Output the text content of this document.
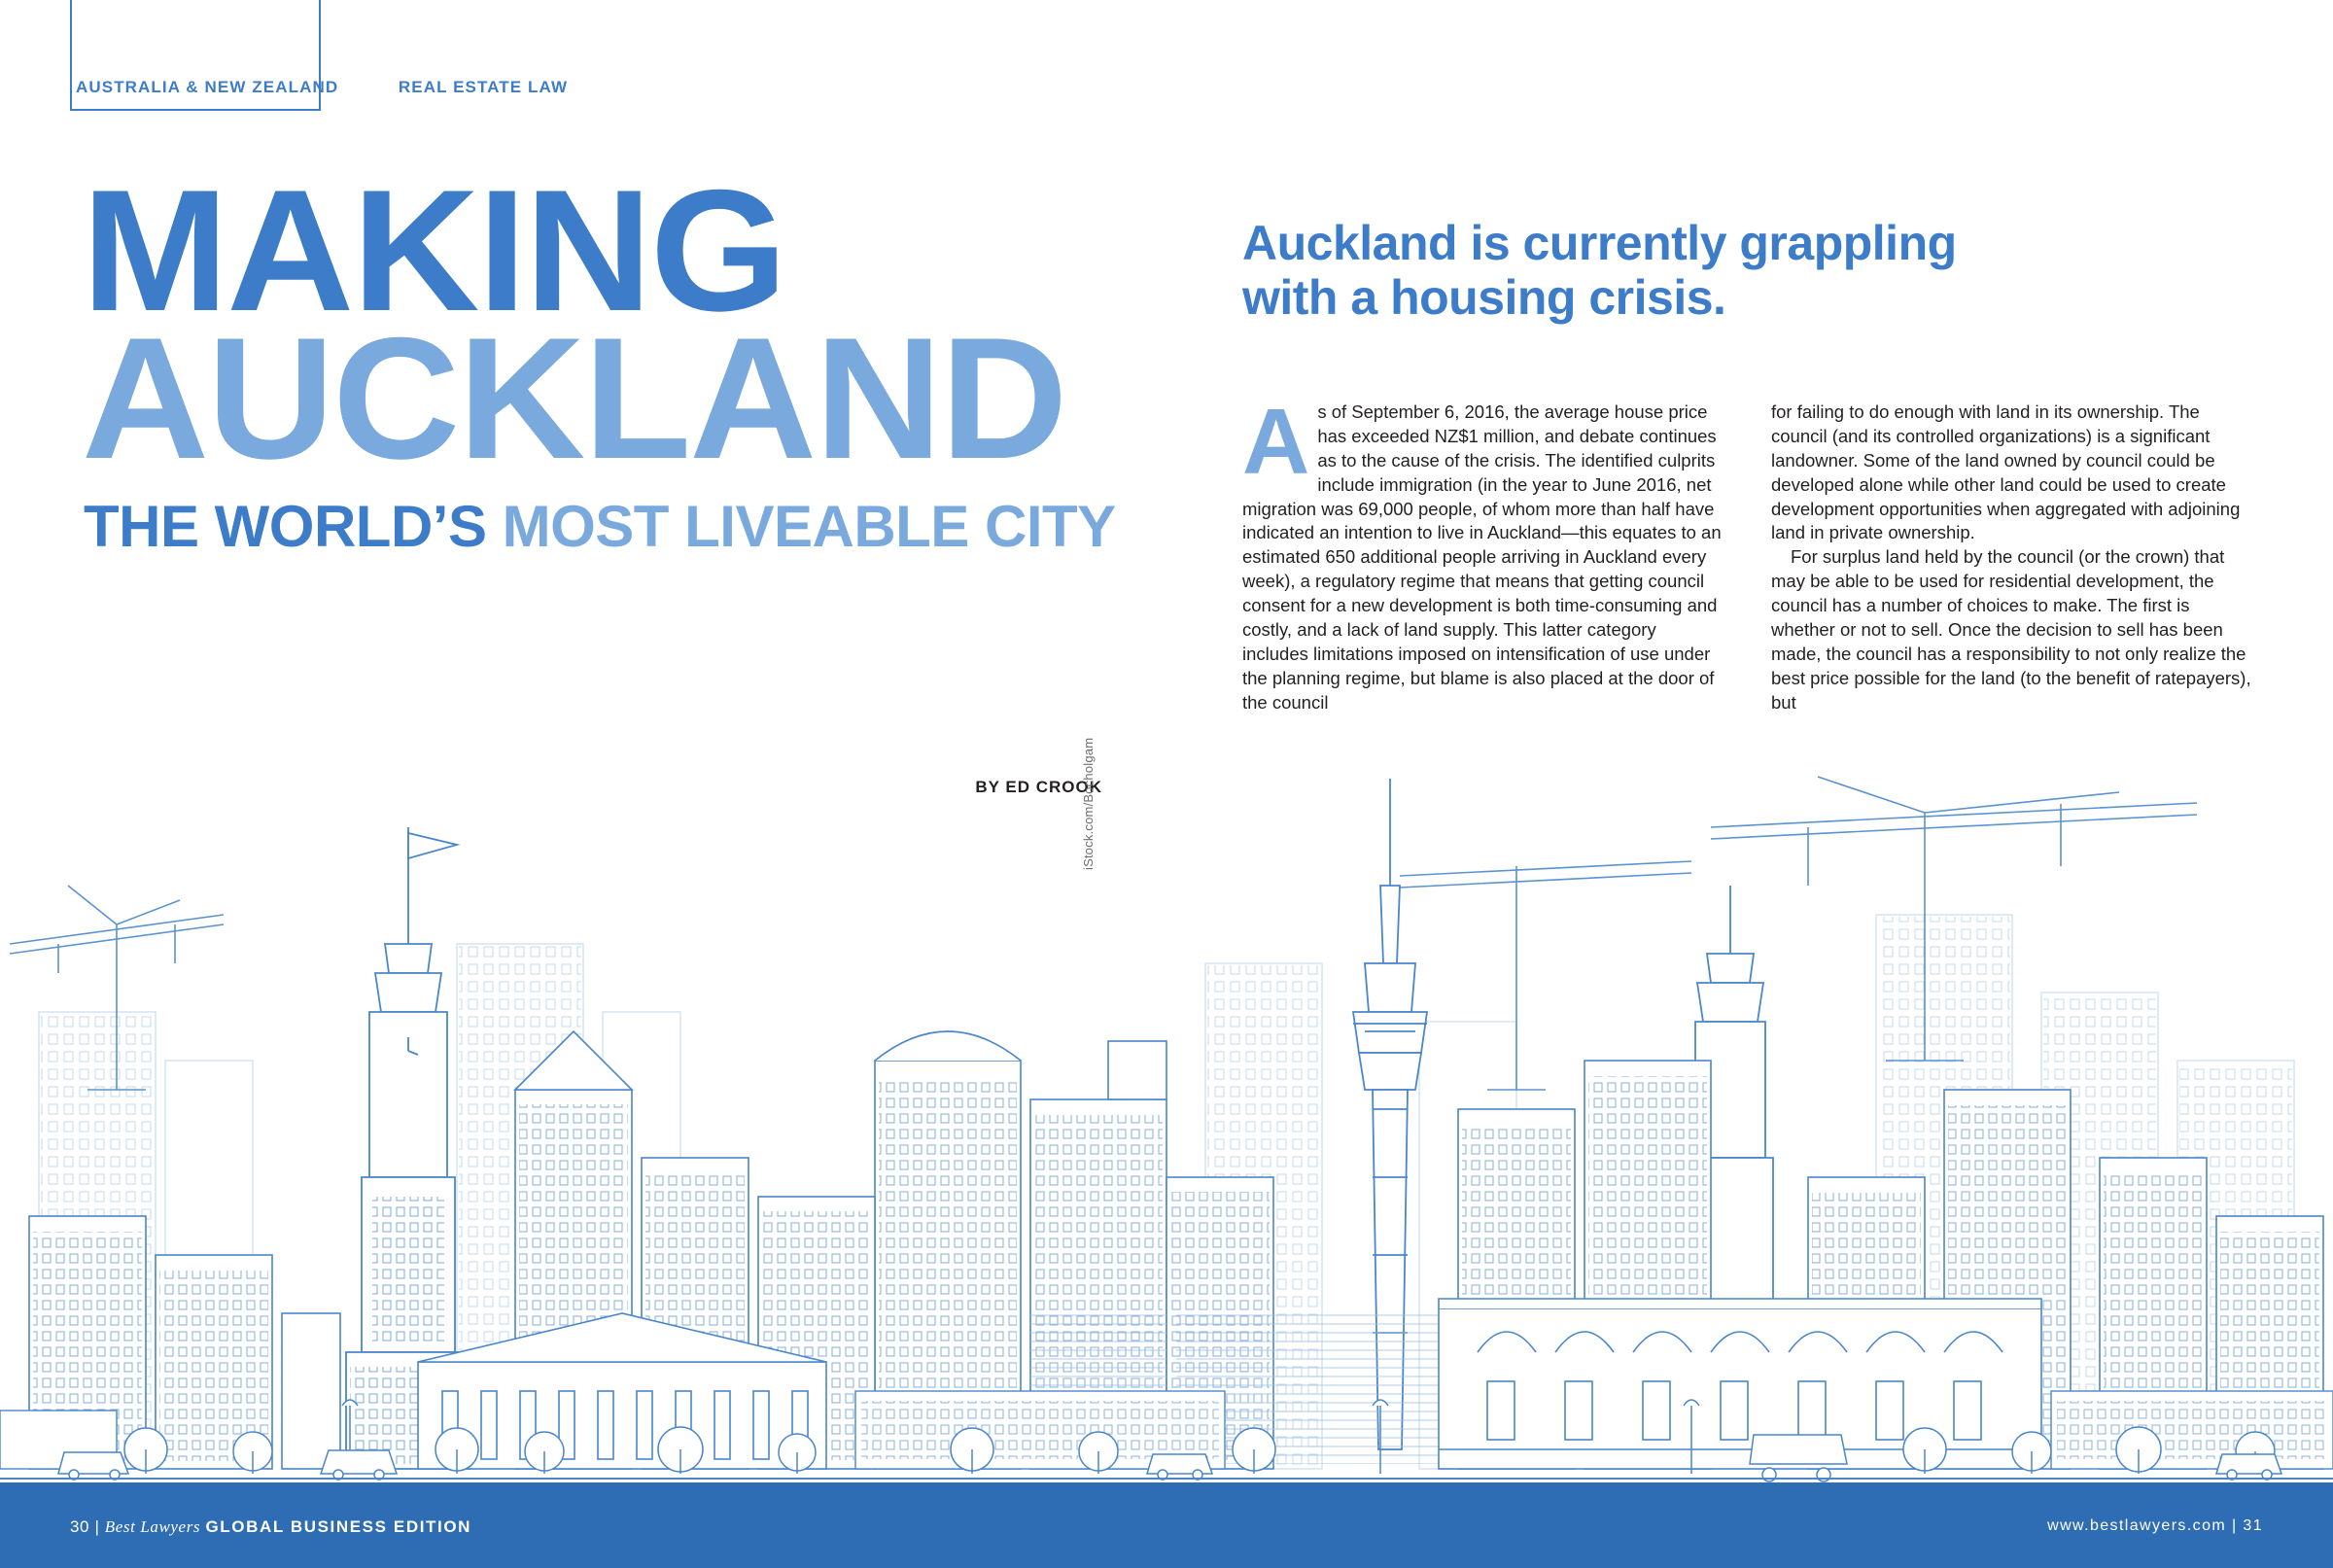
AUSTRALIA & NEW ZEALAND	REAL ESTATE LAW
MAKING
AUCKLAND
THE WORLD’S MOST LIVEABLE CITY
BY ED CROOK
Auckland is currently grappling with a housing crisis.

As of September 6, 2016, the average house price has exceeded NZ$1 million, and debate continues as to the cause of the crisis. The identified culprits include immigration (in the year to June 2016, net migration was 69,000 people, of whom more than half have indicated an intention to live in Auckland—this equates to an estimated 650 additional people arriving in Auckland every week), a regulatory regime that means that getting council consent for a new development is both time-consuming and costly, and a lack of land supply. This latter category includes limitations imposed on intensification of use under the planning regime, but blame is also placed at the door of the council

for failing to do enough with land in its ownership. The council (and its controlled organizations) is a significant landowner. Some of the land owned by council could be developed alone while other land could be used to create development opportunities when aggregated with adjoining land in private ownership.

For surplus land held by the council (or the crown) that may be able to be used for residential development, the council has a number of choices to make. The first is whether or not to sell. Once the decision to sell has been made, the council has a responsibility to not only realize the best price possible for the land (to the benefit of ratepayers), but

iStock.com/Bocholgam
30 | Best Lawyers GLOBAL BUSINESS EDITION	www.bestlawyers.com | 31
